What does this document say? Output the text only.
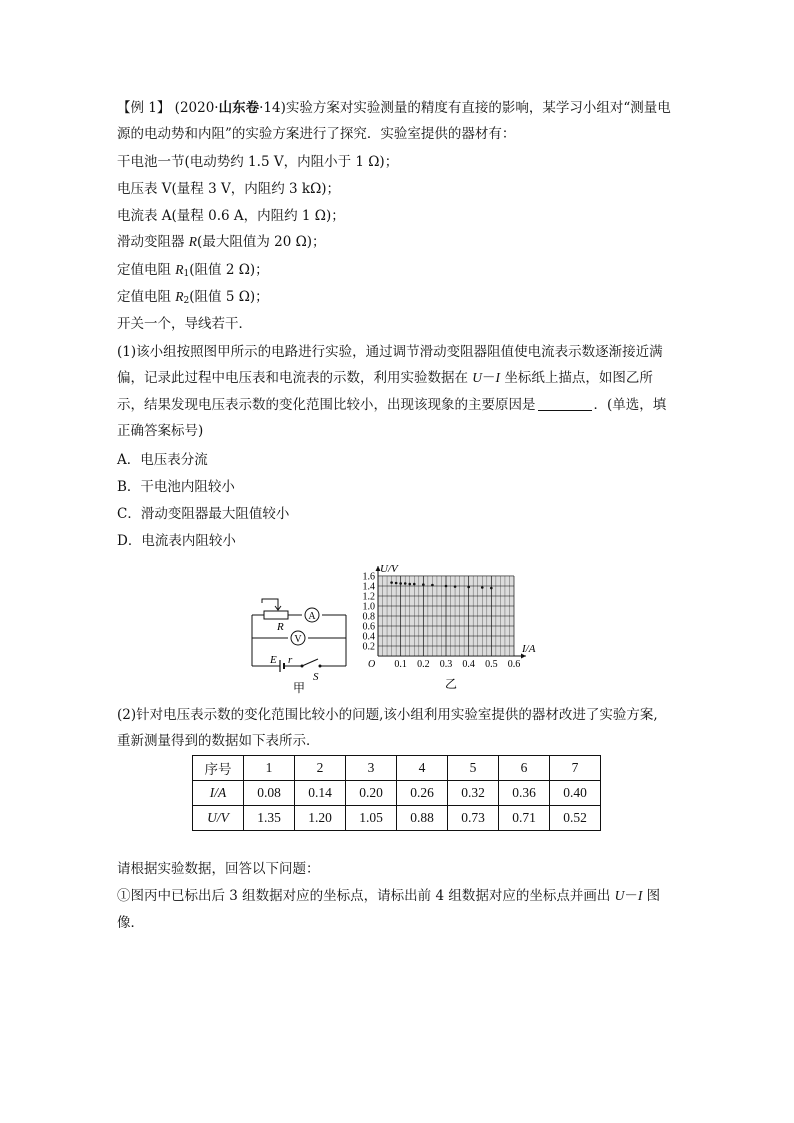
【例 1】 (2020·山东卷·14)实验方案对实验测量的精度有直接的影响，某学习小组对“测量电
源的电动势和内阻”的实验方案进行了探究．实验室提供的器材有：
干电池一节(电动势约 1.5 V，内阻小于 1 Ω)；
电压表 V(量程 3 V，内阻约 3 kΩ)；
电流表 A(量程 0.6 A，内阻约 1 Ω)；
滑动变阻器 R(最大阻值为 20 Ω)；
定值电阻 $R_1$(阻值 2 Ω)；
定值电阻 $R_2$(阻值 5 Ω)；
开关一个，导线若干．
(1)该小组按照图甲所示的电路进行实验，通过调节滑动变阻器阻值使电流表示数逐渐接近满
偏，记录此过程中电压表和电流表的示数，利用实验数据在 U－I 坐标纸上描点，如图乙所
示，结果发现电压表示数的变化范围比较小，出现该现象的主要原因是	．(单选，填
正确答案标号)
A．电压表分流
B．干电池内阻较小
C．滑动变阻器最大阻值较小
D．电流表内阻较小
A
V
R
E r
S
甲
0.1 0.2 0.3 0.4 0.5 0.6
0.2
0.4
0.6
0.8
1.0
1.2
1.4
1.6
U/V
I/A
O
乙
(2)针对电压表示数的变化范围比较小的问题,该小组利用实验室提供的器材改进了实验方案,
重新测量得到的数据如下表所示．
序号	1	2	3	4	5	6	7
I/A	0.08	0.14	0.20	0.26	0.32	0.36	0.40
U/V	1.35	1.20	1.05	0.88	0.73	0.71	0.52
请根据实验数据，回答以下问题：
①图丙中已标出后 3 组数据对应的坐标点，请标出前 4 组数据对应的坐标点并画出 U－I 图
像．
